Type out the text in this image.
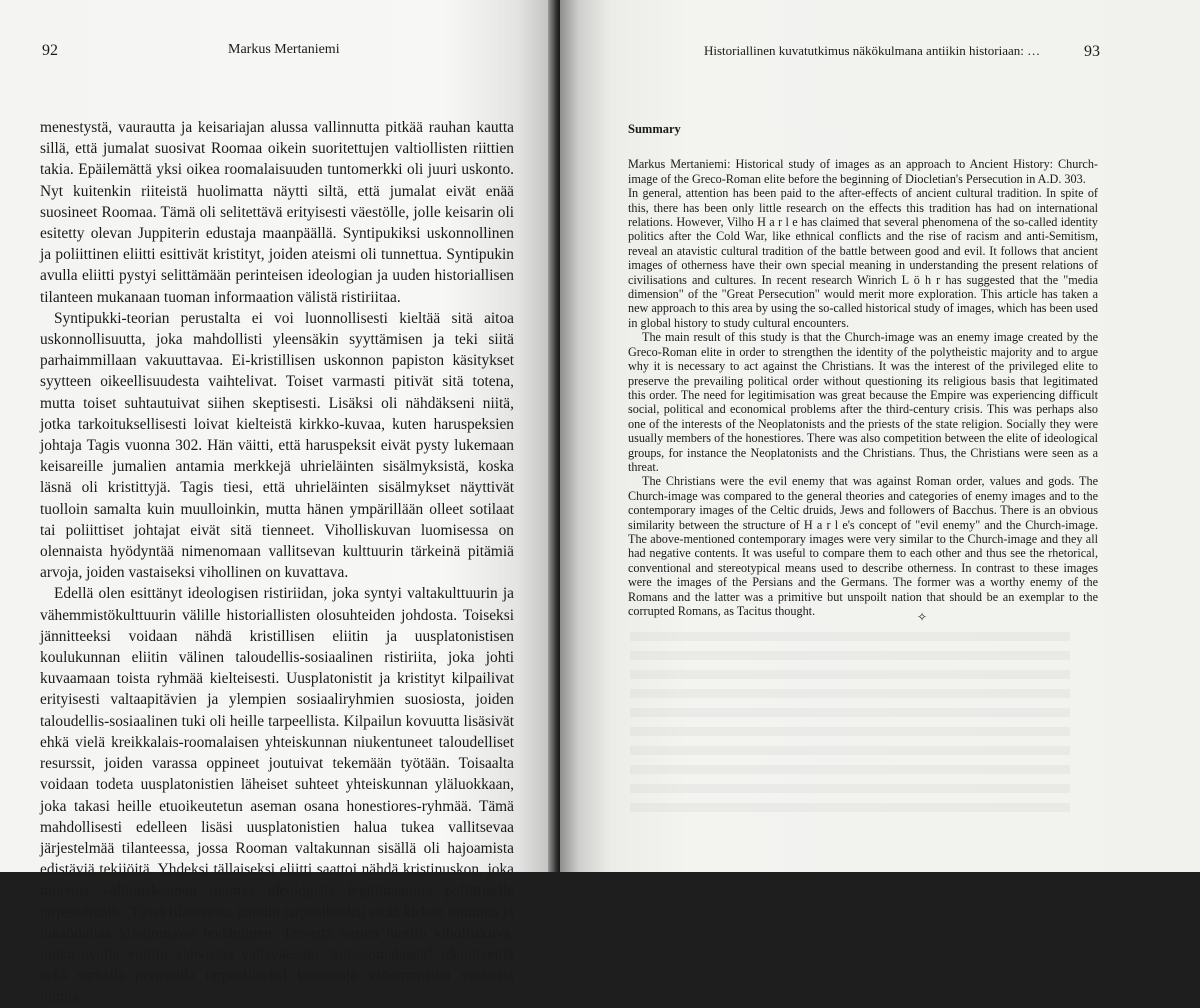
92	Markus Mertaniemi

menestystä, vaurautta ja keisariajan alussa vallinnutta pitkää rauhan kautta sillä, että jumalat suosivat Roomaa oikein suoritettujen valtiollisten riittien takia. Epäilemättä yksi oikea roomalaisuuden tuntomerkki oli juuri uskonto. Nyt kuitenkin riiteistä huolimatta näytti siltä, että jumalat eivät enää suosineet Roomaa. Tämä oli selitettävä erityisesti väestölle, jolle keisarin oli esitetty olevan Juppiterin edustaja maanpäällä. Syntipukiksi uskonnollinen ja poliittinen eliitti esittivät kristityt, joiden ateismi oli tunnettua. Syntipukin avulla eliitti pystyi selittämään perinteisen ideologian ja uuden historiallisen tilanteen mukanaan tuoman informaation välistä ristiriitaa.

Syntipukki-teorian perustalta ei voi luonnollisesti kieltää sitä aitoa uskonnollisuutta, joka mahdollisti yleensäkin syyttämisen ja teki siitä parhaimmillaan vakuuttavaa. Ei-kristillisen uskonnon papiston käsitykset syytteen oikeellisuudesta vaihtelivat. Toiset varmasti pitivät sitä totena, mutta toiset suhtautuivat siihen skeptisesti. Lisäksi oli nähdäkseni niitä, jotka tarkoituksellisesti loivat kielteistä kirkko-kuvaa, kuten haruspeksien johtaja Tagis vuonna 302. Hän väitti, että haruspeksit eivät pysty lukemaan keisareille jumalien antamia merkkejä uhrieläinten sisälmyksistä, koska läsnä oli kristittyjä. Tagis tiesi, että uhrieläinten sisälmykset näyttivät tuolloin samalta kuin muulloinkin, mutta hänen ympärillään olleet sotilaat tai poliittiset johtajat eivät sitä tienneet. Viholliskuvan luomisessa on olennaista hyödyntää nimenomaan vallitsevan kulttuurin tärkeinä pitämiä arvoja, joiden vastaiseksi vihollinen on kuvattava.

Edellä olen esittänyt ideologisen ristiriidan, joka syntyi valtakulttuurin ja vähemmistökulttuurin välille historiallisten olosuhteiden johdosta. Toiseksi jännitteeksi voidaan nähdä kristillisen eliitin ja uusplatonistisen koulukunnan eliitin välinen taloudellis-sosiaalinen ristiriita, joka johti kuvaamaan toista ryhmää kielteisesti. Uusplatonistit ja kristityt kilpailivat erityisesti valtaapitävien ja ylempien sosiaaliryhmien suosiosta, joiden taloudellis-sosiaalinen tuki oli heille tarpeellista. Kilpailun kovuutta lisäsivät ehkä vielä kreikkalais-roomalaisen yhteiskunnan niukentuneet taloudelliset resurssit, joiden varassa oppineet joutuivat tekemään työtään. Toisaalta voidaan todeta uusplatonistien läheiset suhteet yhteiskunnan yläluokkaan, joka takasi heille etuoikeutetun aseman osana honestiores-ryhmää. Tämä mahdollisesti edelleen lisäsi uusplatonistien halua tukea vallitsevaa järjestelmää tilanteessa, jossa Rooman valtakunnan sisällä oli hajoamista edistäviä tekijöitä. Yhdeksi tällaiseksi eliitti saattoi nähdä kristinuskon, joka murensi valtiouskonnon tuomaa ideologista legitimaatiota poliittiselle järjestelmälle. Tässä tilanteessa nähtiin tarpeelliseksi estää kirkon toiminta ja tukahduttaa kristinuskon leviäminen. Tarvetta varten luotiin viholliskuva, jonka avulla voitiin vahvistaa valtaväestön "aitoroomalaista" identiteettiä sekä samalla perustella tarpeelliseksi katsottuja vähemmistön vastaisia toimia.

Historiallinen kuvatutkimus näkökulmana antiikin historiaan: …	93
Summary

Markus Mertaniemi: Historical study of images as an approach to Ancient History: Church-image of the Greco-Roman elite before the beginning of Diocletian's Persecution in A.D. 303.

In general, attention has been paid to the after-effects of ancient cultural tradition. In spite of this, there has been only little research on the effects this tradition has had on international relations. However, Vilho H a r l e has claimed that several phenomena of the so-called identity politics after the Cold War, like ethnical conflicts and the rise of racism and anti-Semitism, reveal an atavistic cultural tradition of the battle between good and evil. It follows that ancient images of otherness have their own special meaning in understanding the present relations of civilisations and cultures. In recent research Winrich L ö h r has suggested that the "media dimension" of the "Great Persecution" would merit more exploration. This article has taken a new approach to this area by using the so-called historical study of images, which has been used in global history to study cultural encounters.

The main result of this study is that the Church-image was an enemy image created by the Greco-Roman elite in order to strengthen the identity of the polytheistic majority and to argue why it is necessary to act against the Christians. It was the interest of the privileged elite to preserve the prevailing political order without questioning its religious basis that legitimated this order. The need for legitimisation was great because the Empire was experiencing difficult social, political and economical problems after the third-century crisis. This was perhaps also one of the interests of the Neoplatonists and the priests of the state religion. Socially they were usually members of the honestiores. There was also competition between the elite of ideological groups, for instance the Neoplatonists and the Christians. Thus, the Christians were seen as a threat.

The Christians were the evil enemy that was against Roman order, values and gods. The Church-image was compared to the general theories and categories of enemy images and to the contemporary images of the Celtic druids, Jews and followers of Bacchus. There is an obvious similarity between the structure of H a r l e's concept of "evil enemy" and the Church-image. The above-mentioned contemporary images were very similar to the Church-image and they all had negative contents. It was useful to compare them to each other and thus see the rhetorical, conventional and stereotypical means used to describe otherness. In contrast to these images were the images of the Persians and the Germans. The former was a worthy enemy of the Romans and the latter was a primitive but unspoilt nation that should be an exemplar to the corrupted Romans, as Tacitus thought.	✧
